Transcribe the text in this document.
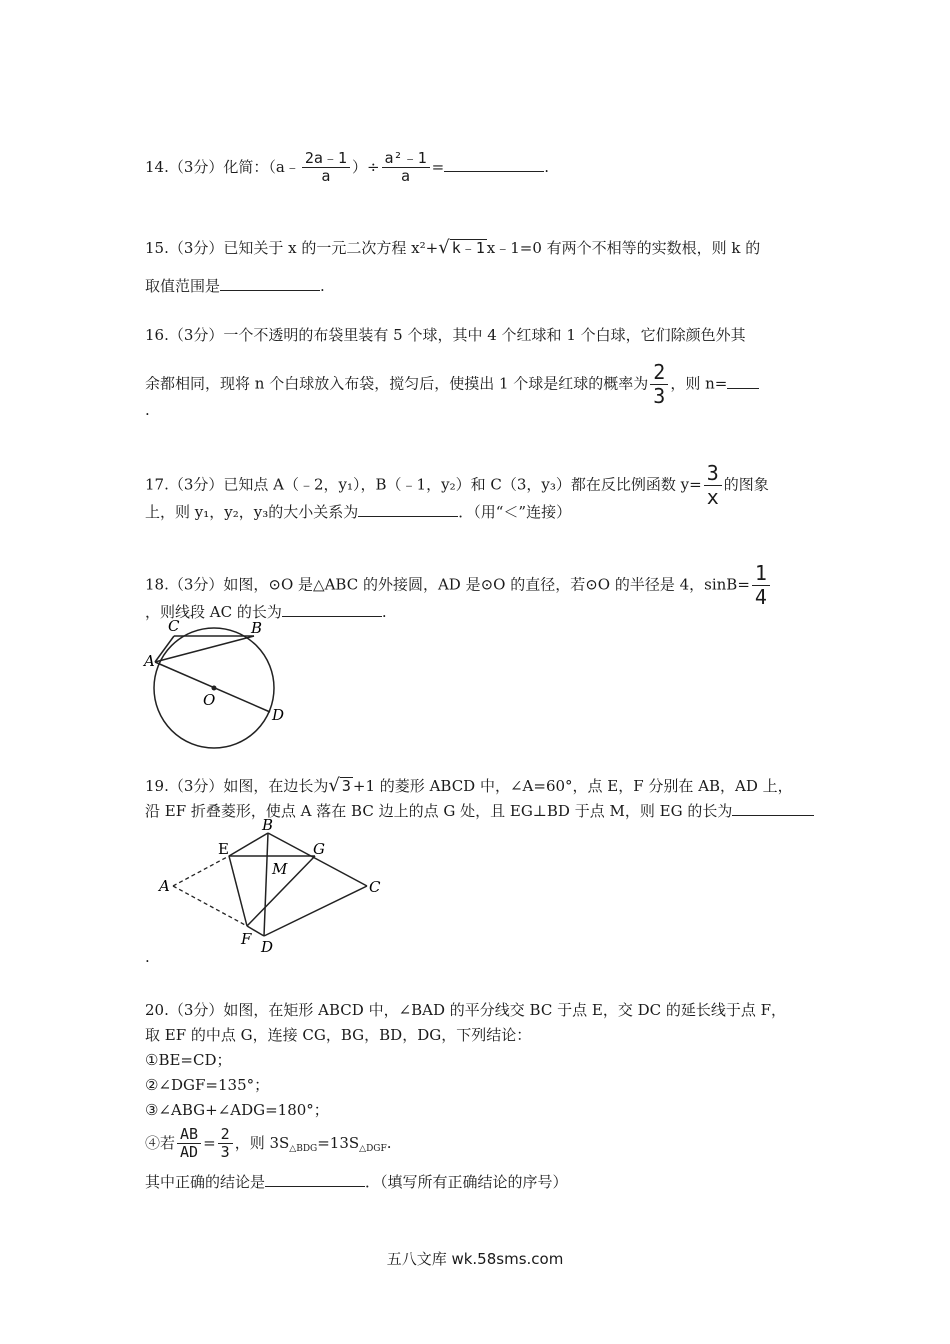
14.（3分）化简：（a﹣ $\frac{2a﹣1}{a}$ ）÷ $\frac{\text{a²﹣1}}{a}$ =	.
15.（3分）已知关于 x 的一元二次方程 x²+√ k﹣1 x﹣1=0 有两个不相等的实数根，则 k 的
取值范围是	.
16.（3分）一个不透明的布袋里装有 5 个球，其中 4 个红球和 1 个白球，它们除颜色外其
余都相同，现将 n 个白球放入布袋，搅匀后，使摸出 1 个球是红球的概率为 $\frac{2}{3}$ ，则 n=
.
17.（3分）已知点 A（﹣2，y₁），B（﹣1，y₂）和 C（3，y₃）都在反比例函数 $y= \frac{3}{x}$ 的图象
上，则 y₁，y₂，y₃的大小关系为	．（用“＜”连接）
18.（3分）如图，⊙O 是△ABC 的外接圆，AD 是⊙O 的直径，若⊙O 的半径是 4，$\sin B= \frac{1}{4}$
，则线段 AC 的长为	.
C	B
A
O
D
19.（3分）如图，在边长为√ 3 +1 的菱形 ABCD 中，∠A=60°，点 E，F 分别在 AB，AD 上，
沿 EF 折叠菱形，使点 A 落在 BC 边上的点 G 处，且 EG⊥BD 于点 M，则 EG 的长为
B
E	G
M
A	C
F D
.
20.（3分）如图，在矩形 ABCD 中，∠BAD 的平分线交 BC 于点 E，交 DC 的延长线于点 F，
取 EF 的中点 G，连接 CG，BG，BD，DG，下列结论：
①BE=CD；
②∠DGF=135°；
③∠ABG+∠ADG=180°；
④若 $\frac{AB}{AD} = \frac{2}{3}$ ，则 $3S_{\triangle BDG}=13S_{\triangle DGF}$.
其中正确的结论是	．（填写所有正确结论的序号）
五八文库 wk.58sms.com
